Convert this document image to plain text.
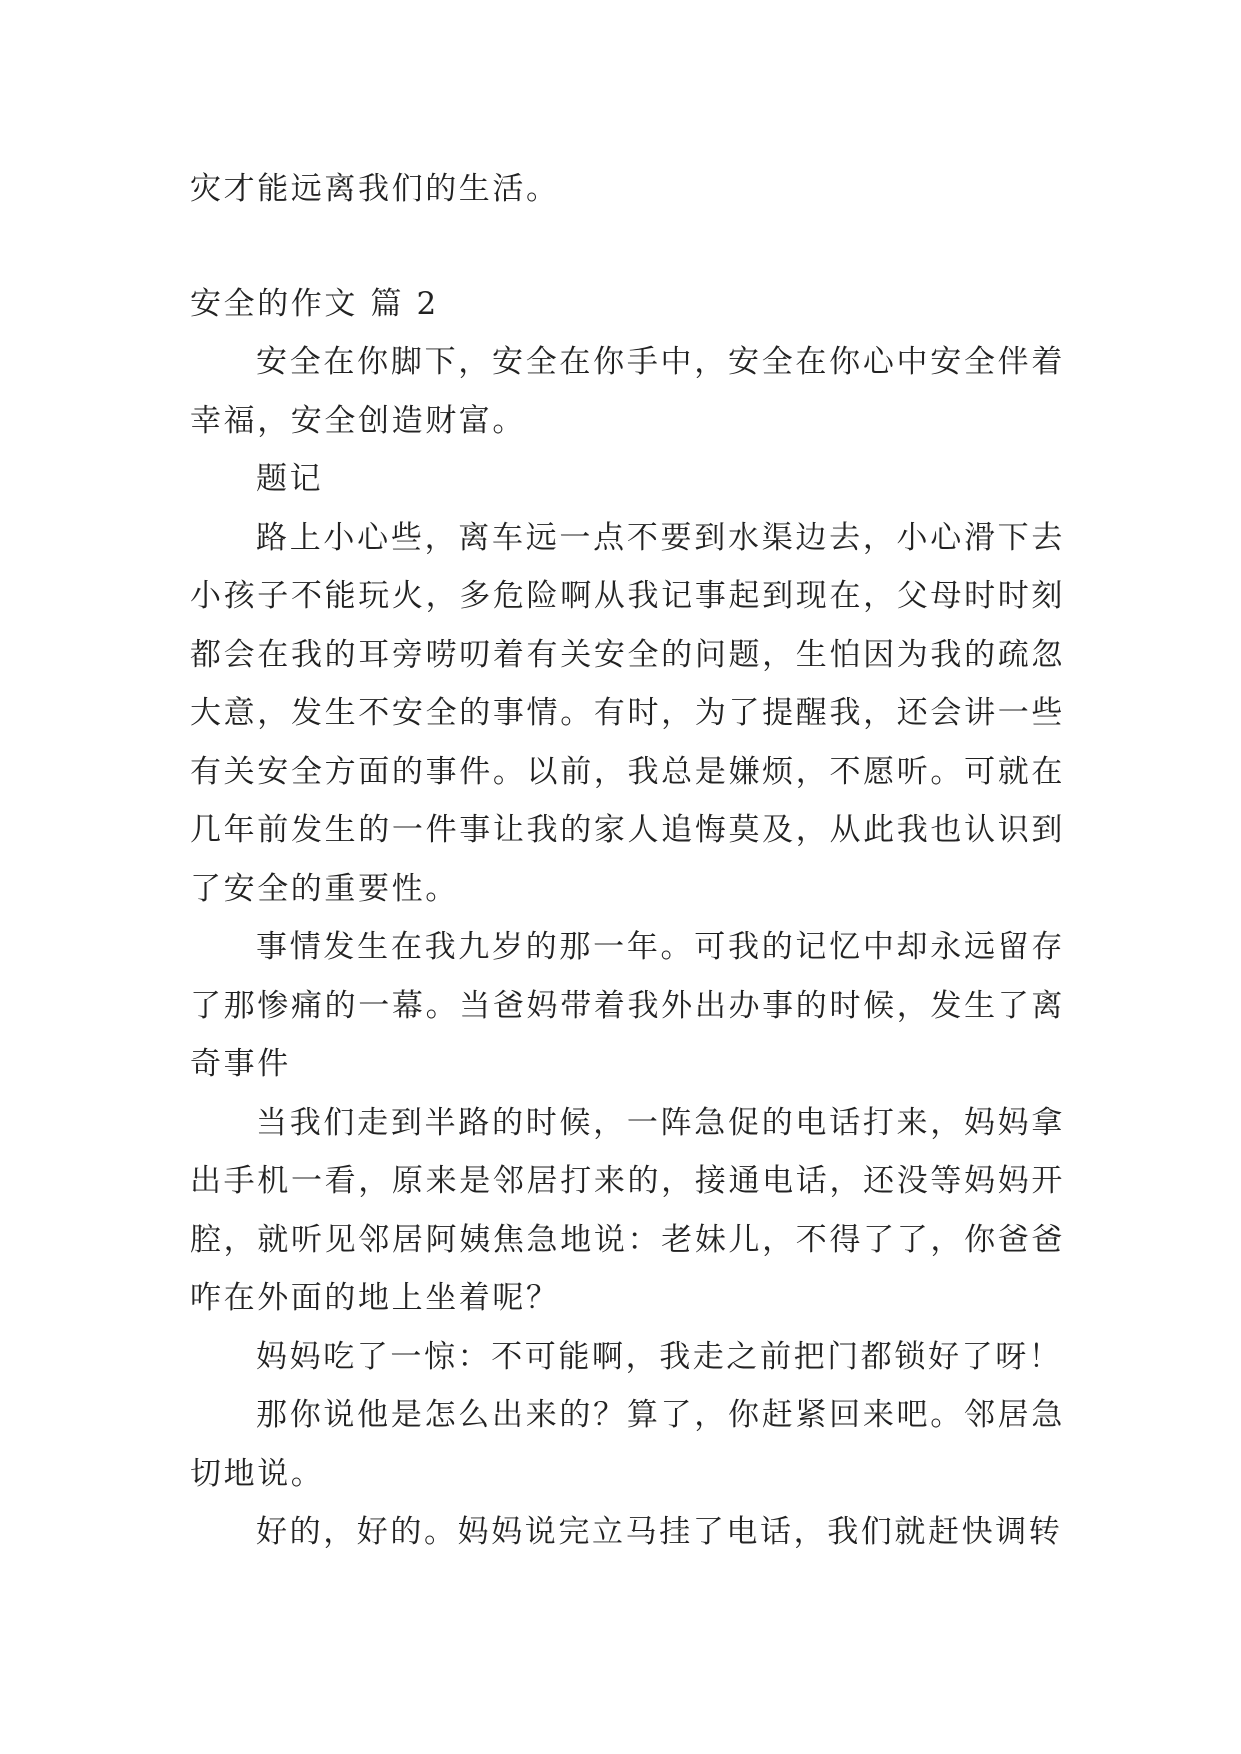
灾才能远离我们的生活。

安全的作文 篇 2

安全在你脚下，安全在你手中，安全在你心中安全伴着幸福，安全创造财富。

题记

路上小心些，离车远一点不要到水渠边去，小心滑下去小孩子不能玩火，多危险啊从我记事起到现在，父母时时刻都会在我的耳旁唠叨着有关安全的问题，生怕因为我的疏忽大意，发生不安全的事情。有时，为了提醒我，还会讲一些有关安全方面的事件。以前，我总是嫌烦，不愿听。可就在几年前发生的一件事让我的家人追悔莫及，从此我也认识到了安全的重要性。

事情发生在我九岁的那一年。可我的记忆中却永远留存了那惨痛的一幕。当爸妈带着我外出办事的时候，发生了离奇事件

当我们走到半路的时候，一阵急促的电话打来，妈妈拿出手机一看，原来是邻居打来的，接通电话，还没等妈妈开腔，就听见邻居阿姨焦急地说：老妹儿，不得了了，你爸爸咋在外面的地上坐着呢？

妈妈吃了一惊：不可能啊，我走之前把门都锁好了呀！

那你说他是怎么出来的？算了，你赶紧回来吧。邻居急切地说。

好的，好的。妈妈说完立马挂了电话，我们就赶快调转
